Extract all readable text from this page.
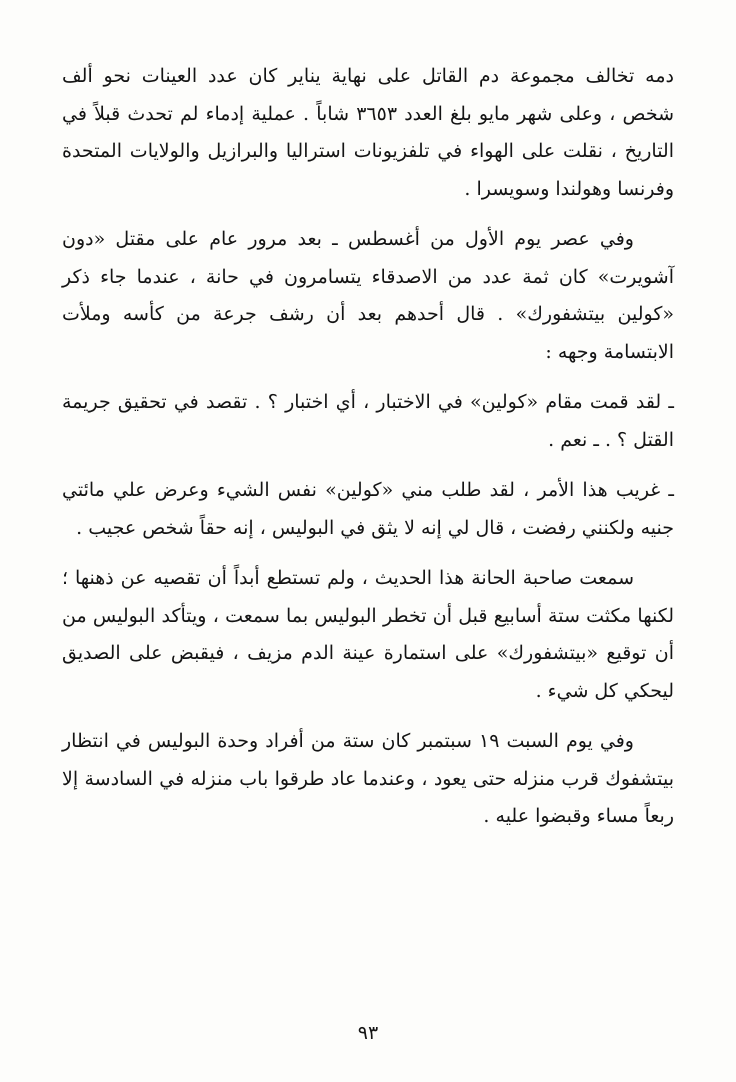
دمه تخالف مجموعة دم القاتل على نهاية يناير كان عدد العينات نحو ألف شخص ، وعلى شهر مايو بلغ العدد ٣٦٥٣ شاباً . عملية إدماء لم تحدث قبلاً في التاريخ ، نقلت على الهواء في تلفزيونات استراليا والبرازيل والولايات المتحدة وفرنسا وهولندا وسويسرا .

وفي عصر يوم الأول من أغسطس ـ بعد مرور عام على مقتل «دون آشويرت» كان ثمة عدد من الاصدقاء يتسامرون في حانة ، عندما جاء ذكر «كولين بيتشفورك» . قال أحدهم بعد أن رشف جرعة من كأسه وملأت الابتسامة وجهه :

ـ لقد قمت مقام «كولين» في الاختبار ، أي اختبار ؟ . تقصد في تحقيق جريمة القتل ؟ . ـ نعم .

ـ غريب هذا الأمر ، لقد طلب مني «كولين» نفس الشيء وعرض علي مائتي جنيه ولكنني رفضت ، قال لي إنه لا يثق في البوليس ، إنه حقاً شخص عجيب .

سمعت صاحبة الحانة هذا الحديث ، ولم تستطع أبداً أن تقصيه عن ذهنها ؛ لكنها مكثت ستة أسابيع قبل أن تخطر البوليس بما سمعت ، ويتأكد البوليس من أن توقيع «بيتشفورك» على استمارة عينة الدم مزيف ، فيقبض على الصديق ليحكي كل شيء .

وفي يوم السبت ١٩ سبتمبر كان ستة من أفراد وحدة البوليس في انتظار بيتشفوك قرب منزله حتى يعود ، وعندما عاد طرقوا باب منزله في السادسة إلا ربعاً مساء وقبضوا عليه .

٩٣
